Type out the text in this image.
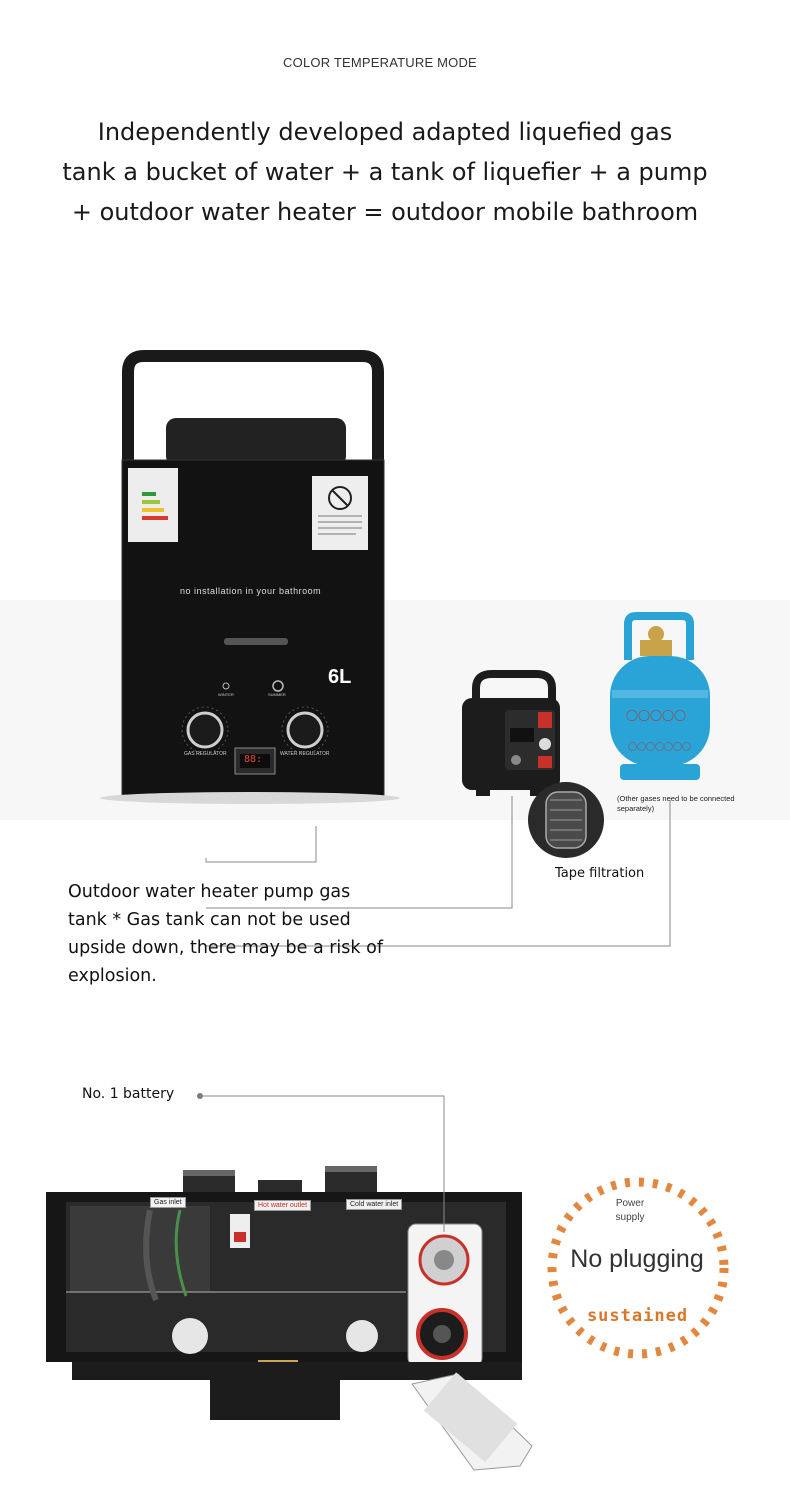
COLOR TEMPERATURE MODE
Independently developed adapted liquefied gas
tank a bucket of water + a tank of liquefier + a pump
+ outdoor water heater = outdoor mobile bathroom
〇〇〇〇〇
〇〇〇〇〇〇〇
no installation in your bathroom
6L
GAS REGULATOR	WATER REGULATOR
88:
WINTER	SUMMER
(Other gases need to be connected separately)
Tape filtration
Outdoor water heater pump gas
tank * Gas tank can not be used
upside down, there may be a risk of
explosion.
No. 1 battery
Gas inlet	Hot water outlet	Cold water inlet	Power
supply
No plugging
sustained
